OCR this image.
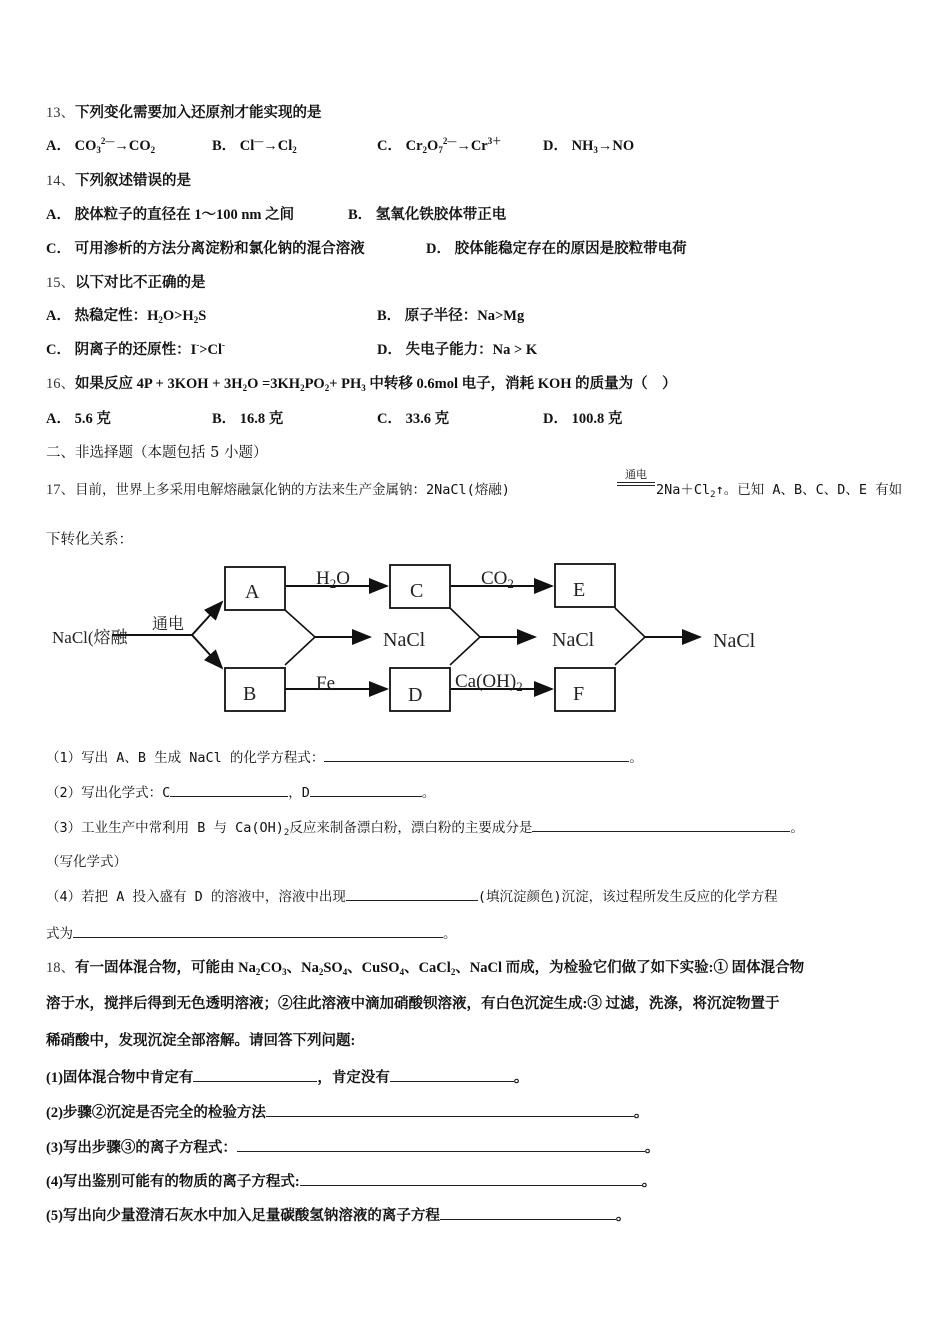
13、下列变化需要加入还原剂才能实现的是
A． $CO_3^{2—}\to CO_2$	B． $Cl^—\to Cl_2$	C． $Cr_2O_7^{2—}\to Cr^{3+}$	D． $NH_3\to NO$
14、下列叙述错误的是
A． 胶体粒子的直径在 1～100 nm 之间	B． 氢氧化铁胶体带正电
C． 可用渗析的方法分离淀粉和氯化钠的混合溶液	D． 胶体能稳定存在的原因是胶粒带电荷
15、以下对比不正确的是
A． 热稳定性：$H_2O>H_2S$	B． 原子半径：Na>Mg
C． 阴离子的还原性：I->Cl-	D． 失电子能力：Na > K
16、如果反应 $4P + 3KOH + 3H_2O =3KH_2PO_2+ PH_3$ 中转移 0.6mol 电子，消耗 KOH 的质量为（　）
A． 5.6 克	B． 16.8 克	C． 33.6 克	D． 100.8 克
二、非选择题（本题包括 5 小题）
17、目前，世界上多采用电解熔融氯化钠的方法来生产金属钠：2NaCl(熔融)
通电
$2Na+Cl_2↑$。已知 A、B、C、D、E 有如
下转化关系：
NaCl(熔融
通电
A
B
C
D
E
F
$H_2O$	$CO_2$
Fe	$Ca(OH)_2$
NaCl	NaCl	NaCl
（1）写出 A、B 生成 NaCl 的化学方程式：	。
（2）写出化学式：C	，D	。
（3）工业生产中常利用 B 与 $Ca(OH)_2$反应来制备漂白粉，漂白粉的主要成分是	。
（写化学式）
（4）若把 A 投入盛有 D 的溶液中，溶液中出现	(填沉淀颜色)沉淀，该过程所发生反应的化学方程
式为	。
18、有一固体混合物，可能由 $Na_2CO_3$、$Na_2SO_4$、CuSO$_4$、CaCl$_2$、NaCl 而成，为检验它们做了如下实验:① 固体混合物
溶于水，搅拌后得到无色透明溶液；②往此溶液中滴加硝酸钡溶液，有白色沉淀生成:③ 过滤，洗涤，将沉淀物置于
稀硝酸中，发现沉淀全部溶解。请回答下列问题:
(1)固体混合物中肯定有	，肯定没有	。
(2)步骤②沉淀是否完全的检验方法	。
(3)写出步骤③的离子方程式：	。
(4)写出鉴别可能有的物质的离子方程式:	。
(5)写出向少量澄清石灰水中加入足量碳酸氢钠溶液的离子方程	。
